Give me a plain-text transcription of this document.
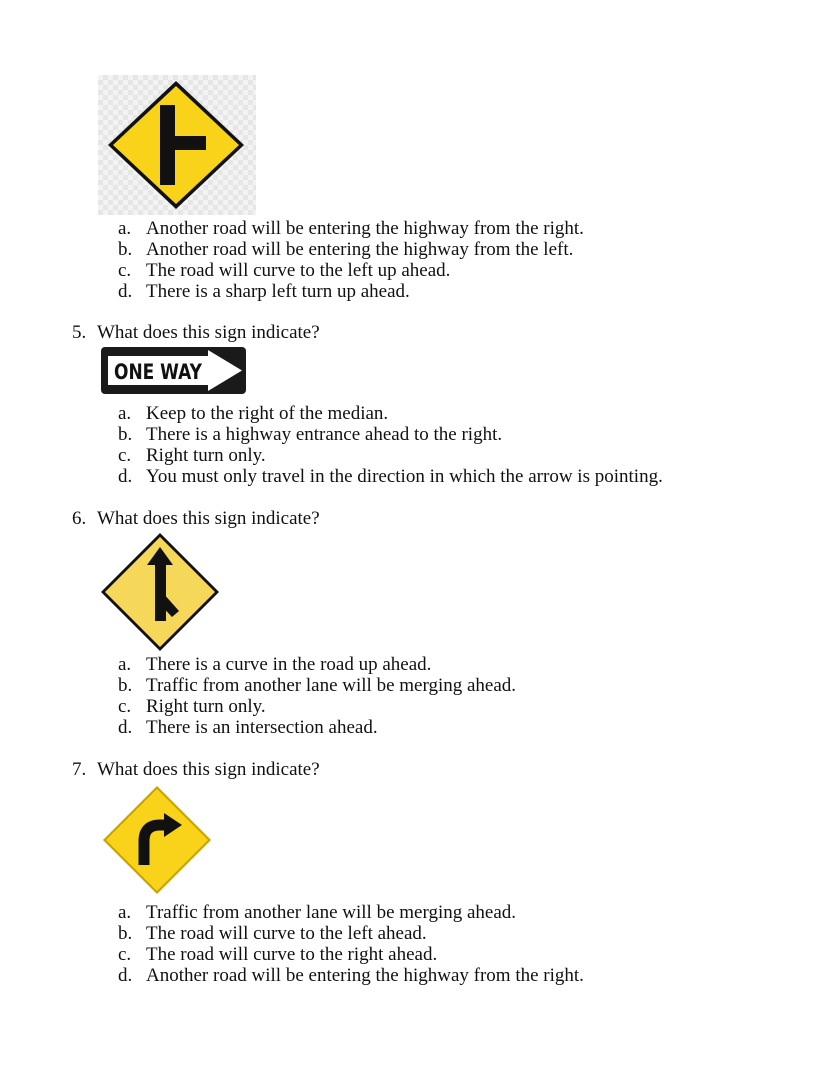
a. Another road will be entering the highway from the right.
b. Another road will be entering the highway from the left.
c. The road will curve to the left up ahead.
d. There is a sharp left turn up ahead.
5. What does this sign indicate?
ONE WAY
a. Keep to the right of the median.
b. There is a highway entrance ahead to the right.
c. Right turn only.
d. You must only travel in the direction in which the arrow is pointing.
6. What does this sign indicate?
a. There is a curve in the road up ahead.
b. Traffic from another lane will be merging ahead.
c. Right turn only.
d. There is an intersection ahead.
7. What does this sign indicate?
a. Traffic from another lane will be merging ahead.
b. The road will curve to the left ahead.
c. The road will curve to the right ahead.
d. Another road will be entering the highway from the right.
